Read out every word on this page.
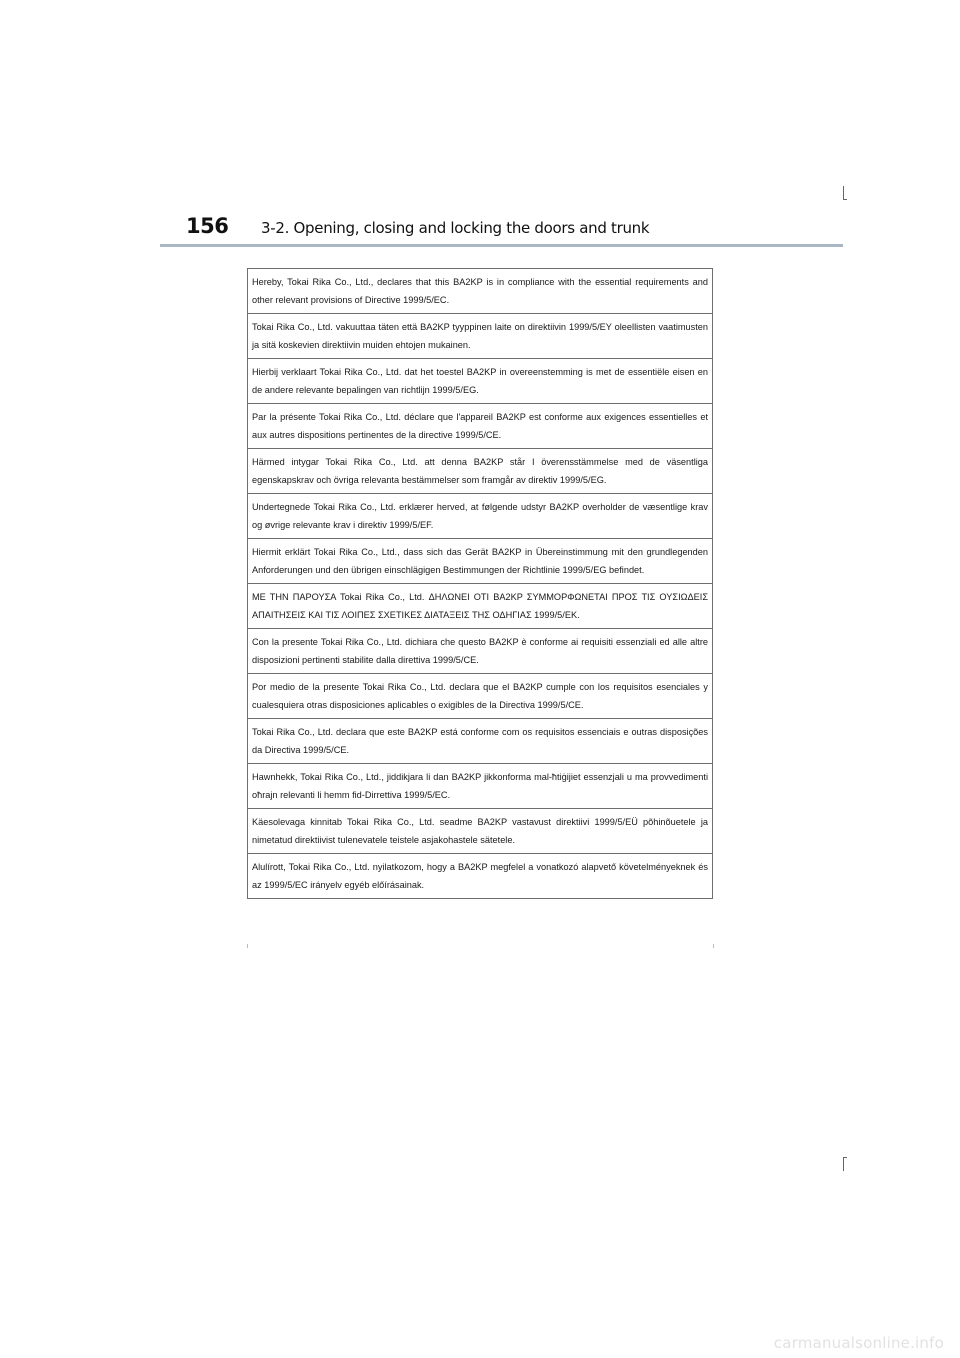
156 3-2. Opening, closing and locking the doors and trunk
Hereby, Tokai Rika Co., Ltd., declares that this BA2KP is in compliance with the essential requirements and other relevant provisions of Directive 1999/5/EC.
Tokai Rika Co., Ltd. vakuuttaa täten että BA2KP tyyppinen laite on direktiivin 1999/5/EY oleellisten vaatimusten ja sitä koskevien direktiivin muiden ehtojen mukainen.
Hierbij verklaart Tokai Rika Co., Ltd. dat het toestel BA2KP in overeenstemming is met de essentiële eisen en de andere relevante bepalingen van richtlijn 1999/5/EG.
Par la présente Tokai Rika Co., Ltd. déclare que l'appareil BA2KP est conforme aux exigences essentielles et aux autres dispositions pertinentes de la directive 1999/5/CE.
Härmed intygar Tokai Rika Co., Ltd. att denna BA2KP står I överensstämmelse med de väsentliga egenskapskrav och övriga relevanta bestämmelser som framgår av direktiv 1999/5/EG.
Undertegnede Tokai Rika Co., Ltd. erklærer herved, at følgende udstyr BA2KP overholder de væsentlige krav og øvrige relevante krav i direktiv 1999/5/EF.
Hiermit erklärt Tokai Rika Co., Ltd., dass sich das Gerät BA2KP in Übereinstimmung mit den grundlegenden Anforderungen und den übrigen einschlägigen Bestimmungen der Richtlinie 1999/5/EG befindet.
ΜΕ ΤΗΝ ΠΑΡΟΥΣΑ Tokai Rika Co., Ltd. ΔΗΛΩΝΕΙ ΟΤΙ BA2KP ΣΥΜΜΟΡΦΩΝΕΤΑΙ ΠΡΟΣ ΤΙΣ ΟΥΣΙΩΔΕΙΣ ΑΠΑΙΤΗΣΕΙΣ ΚΑΙ ΤΙΣ ΛΟΙΠΕΣ ΣΧΕΤΙΚΕΣ ΔΙΑΤΑΞΕΙΣ ΤΗΣ ΟΔΗΓΙΑΣ 1999/5/ΕΚ.
Con la presente Tokai Rika Co., Ltd. dichiara che questo BA2KP è conforme ai requisiti essenziali ed alle altre disposizioni pertinenti stabilite dalla direttiva 1999/5/CE.
Por medio de la presente Tokai Rika Co., Ltd. declara que el BA2KP cumple con los requisitos esenciales y cualesquiera otras disposiciones aplicables o exigibles de la Directiva 1999/5/CE.
Tokai Rika Co., Ltd. declara que este BA2KP está conforme com os requisitos essenciais e outras disposições da Directiva 1999/5/CE.
Hawnhekk, Tokai Rika Co., Ltd., jiddikjara li dan BA2KP jikkonforma mal-ħtiġijiet essenzjali u ma provvedimenti oħrajn relevanti li hemm fid-Dirrettiva 1999/5/EC.
Käesolevaga kinnitab Tokai Rika Co., Ltd. seadme BA2KP vastavust direktiivi 1999/5/EÜ põhinõuetele ja nimetatud direktiivist tulenevatele teistele asjakohastele sätetele.
Alulírott, Tokai Rika Co., Ltd. nyilatkozom, hogy a BA2KP megfelel a vonatkozó alapvető követelményeknek és az 1999/5/EC irányelv egyéb előírásainak.
carmanualsonline.info
